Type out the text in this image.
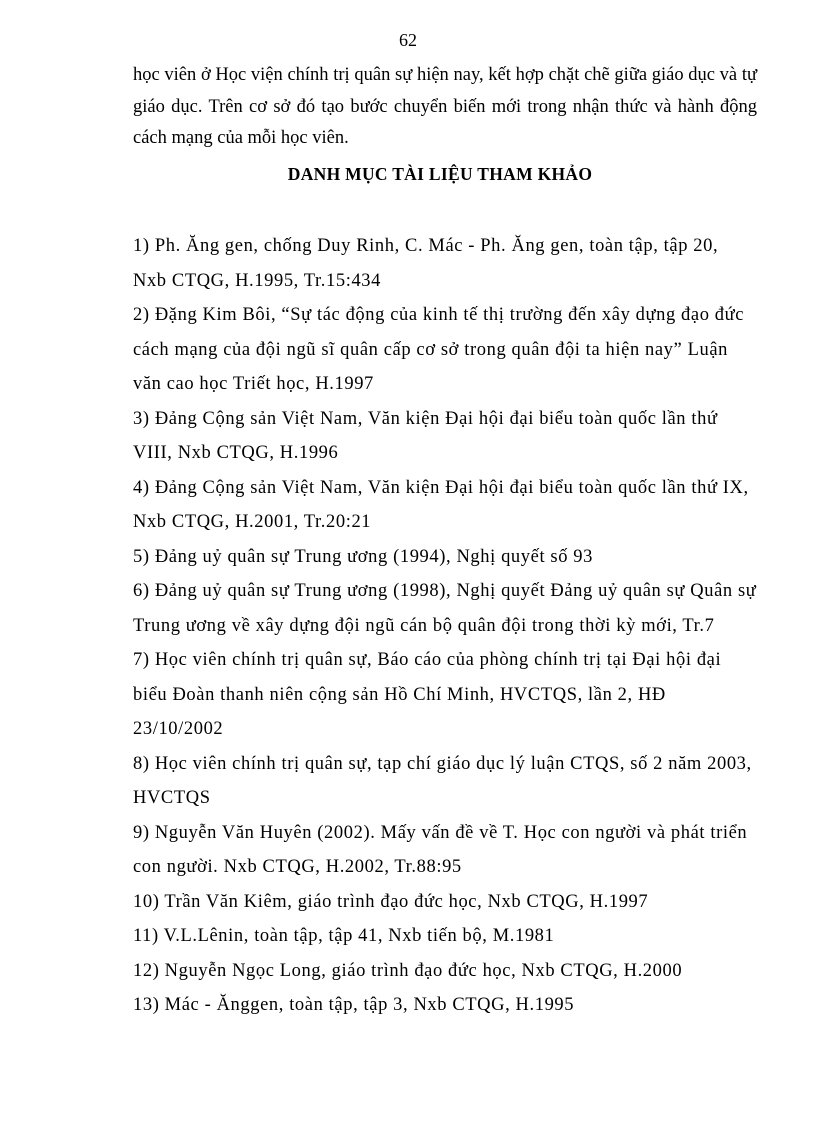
62

học viên ở Học viện chính trị quân sự hiện nay, kết hợp chặt chẽ giữa giáo dục và tự giáo dục. Trên cơ sở đó tạo bước chuyển biến mới trong nhận thức và hành động cách mạng của mỗi học viên.

DANH MỤC TÀI LIỆU THAM KHẢO
1) Ph. Ăng gen, chống Duy Rinh, C. Mác - Ph. Ăng gen, toàn tập, tập 20, Nxb CTQG, H.1995, Tr.15:434
2) Đặng Kim Bôi, “Sự tác động của kinh tế thị trường đến xây dựng đạo đức cách mạng của đội ngũ sĩ quân cấp cơ sở trong quân đội ta hiện nay” Luận văn cao học Triết học, H.1997
3) Đảng Cộng sản Việt Nam, Văn kiện Đại hội đại biểu toàn quốc lần thứ VIII, Nxb CTQG, H.1996
4) Đảng Cộng sản Việt Nam, Văn kiện Đại hội đại biểu toàn quốc lần thứ IX, Nxb CTQG, H.2001, Tr.20:21
5) Đảng uỷ quân sự Trung ương (1994), Nghị quyết số 93
6) Đảng uỷ quân sự Trung ương (1998), Nghị quyết Đảng uỷ quân sự Quân sự Trung ương về xây dựng đội ngũ cán bộ quân đội trong thời kỳ mới, Tr.7
7) Học viên chính trị quân sự, Báo cáo của phòng chính trị tại Đại hội đại biểu Đoàn thanh niên cộng sản Hồ Chí Minh, HVCTQS, lần 2, HĐ 23/10/2002
8) Học viên chính trị quân sự, tạp chí giáo dục lý luận CTQS, số 2 năm 2003, HVCTQS
9) Nguyễn Văn Huyên (2002). Mấy vấn đề về T. Học con người và phát triển con người. Nxb CTQG, H.2002, Tr.88:95
10) Trần Văn Kiêm, giáo trình đạo đức học, Nxb CTQG, H.1997
11) V.L.Lênin, toàn tập, tập 41, Nxb tiến bộ, M.1981
12) Nguyễn Ngọc Long, giáo trình đạo đức học, Nxb CTQG, H.2000
13) Mác - Ănggen, toàn tập, tập 3, Nxb CTQG, H.1995
